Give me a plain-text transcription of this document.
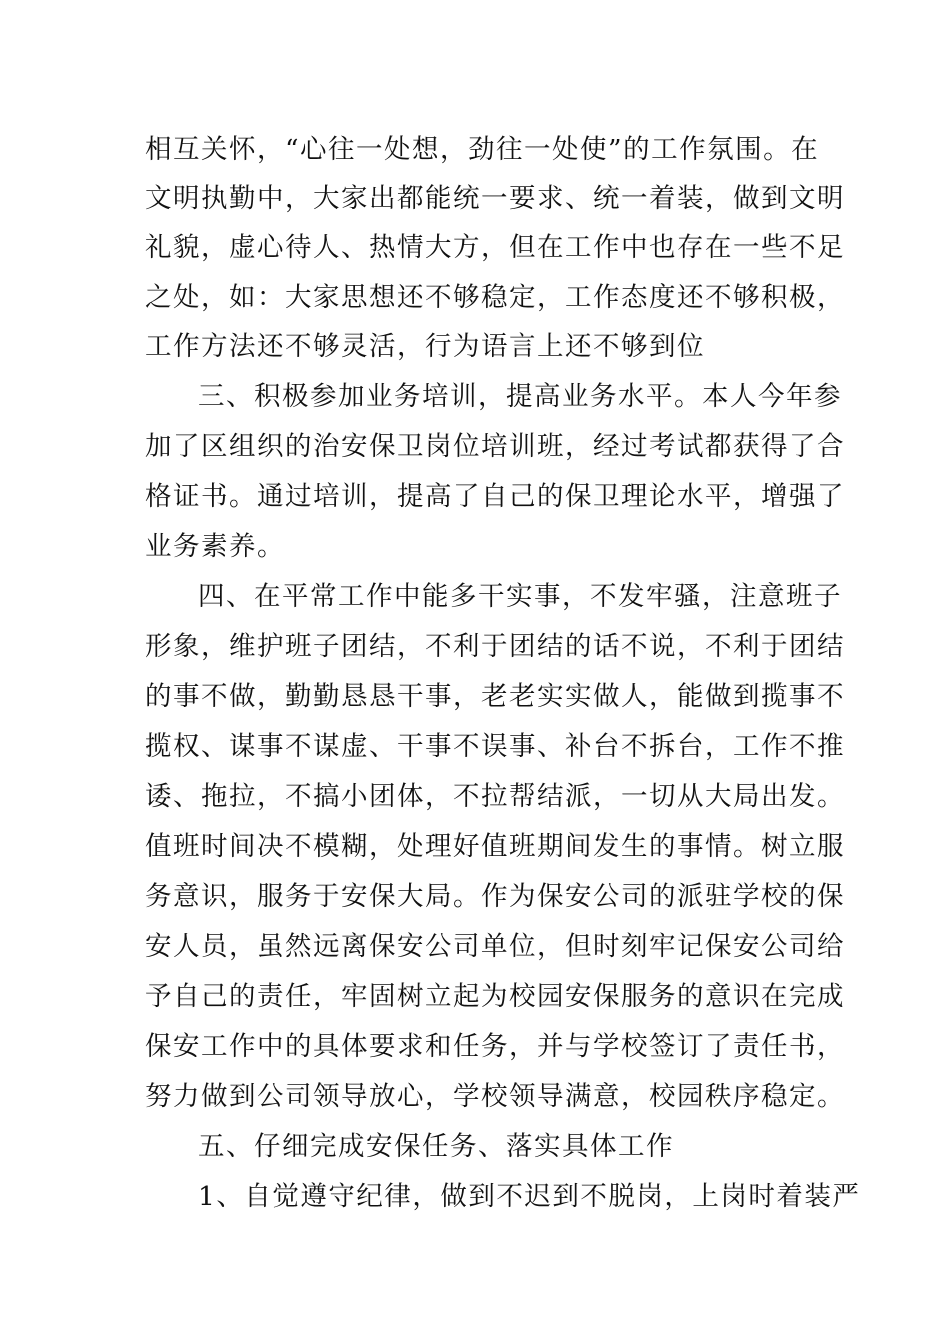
相互关怀，“心往一处想，劲往一处使”的工作氛围。在
文明执勤中，大家出都能统一要求、统一着装，做到文明
礼貌，虚心待人、热情大方，但在工作中也存在一些不足
之处，如：大家思想还不够稳定，工作态度还不够积极，
工作方法还不够灵活，行为语言上还不够到位
三、积极参加业务培训，提高业务水平。本人今年参
加了区组织的治安保卫岗位培训班，经过考试都获得了合
格证书。通过培训，提高了自己的保卫理论水平，增强了
业务素养。
四、在平常工作中能多干实事，不发牢骚，注意班子
形象，维护班子团结，不利于团结的话不说，不利于团结
的事不做，勤勤恳恳干事，老老实实做人，能做到揽事不
揽权、谋事不谋虚、干事不误事、补台不拆台，工作不推
诿、拖拉，不搞小团体，不拉帮结派，一切从大局出发。
值班时间决不模糊，处理好值班期间发生的事情。树立服
务意识，服务于安保大局。作为保安公司的派驻学校的保
安人员，虽然远离保安公司单位，但时刻牢记保安公司给
予自己的责任，牢固树立起为校园安保服务的意识在完成
保安工作中的具体要求和任务，并与学校签订了责任书，
努力做到公司领导放心，学校领导满意，校园秩序稳定。
五、仔细完成安保任务、落实具体工作
1、自觉遵守纪律，做到不迟到不脱岗，上岗时着装严
